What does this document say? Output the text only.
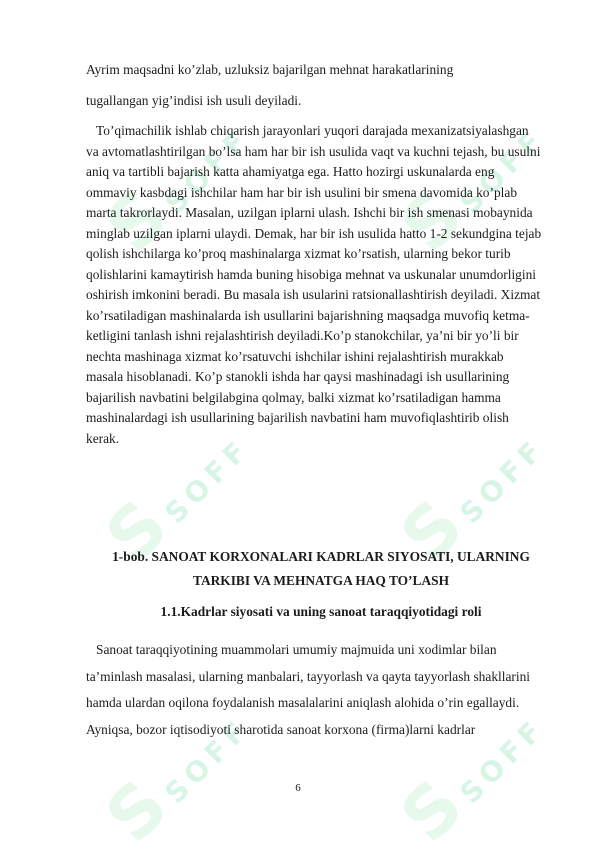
S SOFF
S SOFF
S SOFF
S SOFF
S SOFF
S SOFF

Ayrim maqsadni ko’zlab, uzluksiz bajarilgan mehnat harakatlarining

tugallangan yig’indisi ish usuli deyiladi.

To’qimachilik ishlab chiqarish jarayonlari yuqori darajada mexanizatsiyalashgan

va avtomatlashtirilgan bo’lsa ham har bir ish usulida vaqt va kuchni tejash, bu usulni

aniq va tartibli bajarish katta ahamiyatga ega. Hatto hozirgi uskunalarda eng

ommaviy kasbdagi ishchilar ham har bir ish usulini bir smena davomida ko’plab

marta takrorlaydi. Masalan, uzilgan iplarni ulash. Ishchi bir ish smenasi mobaynida

minglab uzilgan iplarni ulaydi. Demak, har bir ish usulida hatto 1-2 sekundgina tejab

qolish ishchilarga ko’proq mashinalarga xizmat ko’rsatish, ularning bekor turib

qolishlarini kamaytirish hamda buning hisobiga mehnat va uskunalar unumdorligini

oshirish imkonini beradi. Bu masala ish usularini ratsionallashtirish deyiladi. Xizmat

ko’rsatiladigan mashinalarda ish usullarini bajarishning maqsadga muvofiq ketma-

ketligini tanlash ishni rejalashtirish deyiladi.Ko’p stanokchilar, ya’ni bir yo’li bir

nechta mashinaga xizmat ko’rsatuvchi ishchilar ishini rejalashtirish murakkab

masala hisoblanadi. Ko’p stanokli ishda har qaysi mashinadagi ish usullarining

bajarilish navbatini belgilabgina qolmay, balki xizmat ko’rsatiladigan hamma

mashinalardagi ish usullarining bajarilish navbatini ham muvofiqlashtirib olish

kerak.

1-bob. SANOAT KORXONALARI KADRLAR SIYOSATI, ULARNING
TARKIBI VA MEHNATGA HAQ TO’LASH
1.1.Kadrlar siyosati va uning sanoat taraqqiyotidagi roli

Sanoat taraqqiyotining muammolari umumiy majmuida uni xodimlar bilan

ta’minlash masalasi, ularning manbalari, tayyorlash va qayta tayyorlash shakllarini

hamda ulardan oqilona foydalanish masalalarini aniqlash alohida o’rin egallaydi.

Ayniqsa, bozor iqtisodiyoti sharotida sanoat korxona (firma)larni kadrlar

6
